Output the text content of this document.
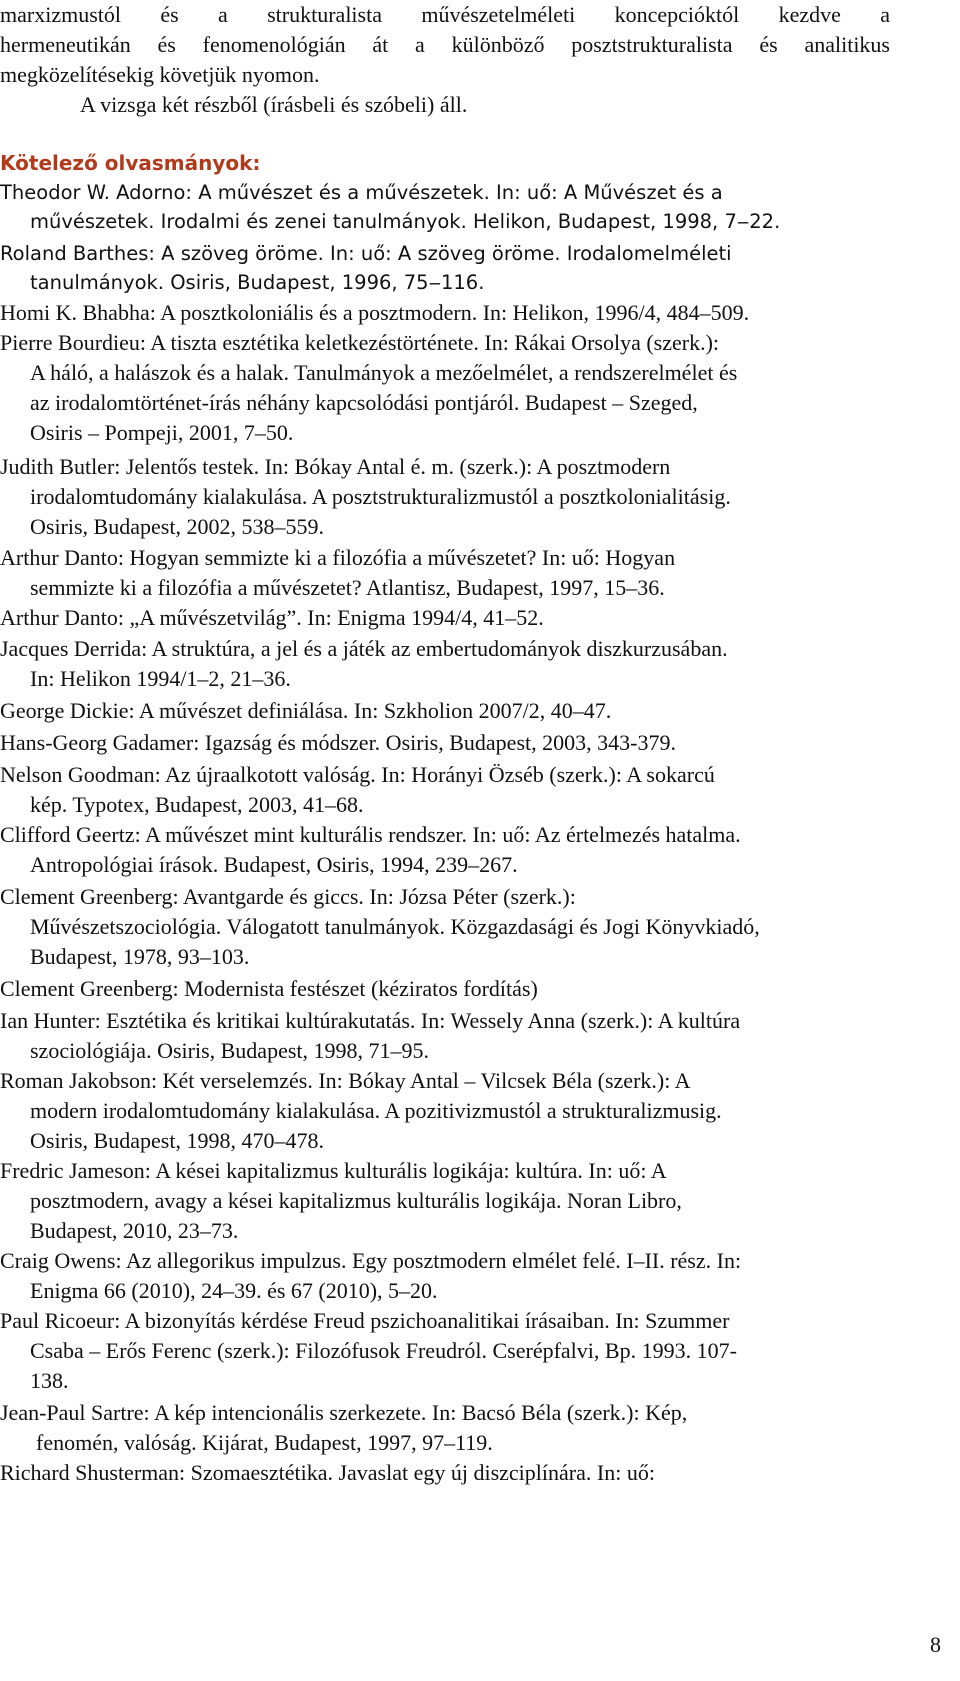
marxizmustól és a strukturalista művészetelméleti koncepcióktól kezdve a
hermeneutikán és fenomenológián át a különböző posztstrukturalista és analitikus
megközelítésekig követjük nyomon.
A vizsga két részből (írásbeli és szóbeli) áll.
Kötelező olvasmányok:
Theodor W. Adorno: A művészet és a művészetek. In: uő: A Művészet és a
művészetek. Irodalmi és zenei tanulmányok. Helikon, Budapest, 1998, 7‒22.
Roland Barthes: A szöveg öröme. In: uő: A szöveg öröme. Irodalomelméleti
tanulmányok. Osiris, Budapest, 1996, 75‒116.
Homi K. Bhabha: A posztkoloniális és a posztmodern. In: Helikon, 1996/4, 484‒509.
Pierre Bourdieu: A tiszta esztétika keletkezéstörténete. In: Rákai Orsolya (szerk.):
A háló, a halászok és a halak. Tanulmányok a mezőelmélet, a rendszerelmélet és
az irodalomtörténet-írás néhány kapcsolódási pontjáról. Budapest ‒ Szeged,
Osiris ‒ Pompeji, 2001, 7‒50.
Judith Butler: Jelentős testek. In: Bókay Antal é. m. (szerk.): A posztmodern
irodalomtudomány kialakulása. A posztstrukturalizmustól a posztkolonialitásig.
Osiris, Budapest, 2002, 538‒559.
Arthur Danto: Hogyan semmizte ki a filozófia a művészetet? In: uő: Hogyan
semmizte ki a filozófia a művészetet? Atlantisz, Budapest, 1997, 15‒36.
Arthur Danto: „A művészetvilág”. In: Enigma 1994/4, 41‒52.
Jacques Derrida: A struktúra, a jel és a játék az embertudományok diszkurzusában.
In: Helikon 1994/1‒2, 21‒36.
George Dickie: A művészet definiálása. In: Szkholion 2007/2, 40‒47.
Hans-Georg Gadamer: Igazság és módszer. Osiris, Budapest, 2003, 343-379.
Nelson Goodman: Az újraalkotott valóság. In: Horányi Özséb (szerk.): A sokarcú
kép. Typotex, Budapest, 2003, 41‒68.
Clifford Geertz: A művészet mint kulturális rendszer. In: uő: Az értelmezés hatalma.
Antropológiai írások. Budapest, Osiris, 1994, 239‒267.
Clement Greenberg: Avantgarde és giccs. In: Józsa Péter (szerk.):
Művészetszociológia. Válogatott tanulmányok. Közgazdasági és Jogi Könyvkiadó,
Budapest, 1978, 93‒103.
Clement Greenberg: Modernista festészet (kéziratos fordítás)
Ian Hunter: Esztétika és kritikai kultúrakutatás. In: Wessely Anna (szerk.): A kultúra
szociológiája. Osiris, Budapest, 1998, 71‒95.
Roman Jakobson: Két verselemzés. In: Bókay Antal ‒ Vilcsek Béla (szerk.): A
modern irodalomtudomány kialakulása. A pozitivizmustól a strukturalizmusig.
Osiris, Budapest, 1998, 470‒478.
Fredric Jameson: A kései kapitalizmus kulturális logikája: kultúra. In: uő: A
posztmodern, avagy a kései kapitalizmus kulturális logikája. Noran Libro,
Budapest, 2010, 23‒73.
Craig Owens: Az allegorikus impulzus. Egy posztmodern elmélet felé. I‒II. rész. In:
Enigma 66 (2010), 24‒39. és 67 (2010), 5‒20.
Paul Ricoeur: A bizonyítás kérdése Freud pszichoanalitikai írásaiban. In: Szummer
Csaba ‒ Erős Ferenc (szerk.): Filozófusok Freudról. Cserépfalvi, Bp. 1993. 107-
138.
Jean-Paul Sartre: A kép intencionális szerkezete. In: Bacsó Béla (szerk.): Kép,
fenomén, valóság. Kijárat, Budapest, 1997, 97‒119.
Richard Shusterman: Szomaesztétika. Javaslat egy új diszciplínára. In: uő:
8
